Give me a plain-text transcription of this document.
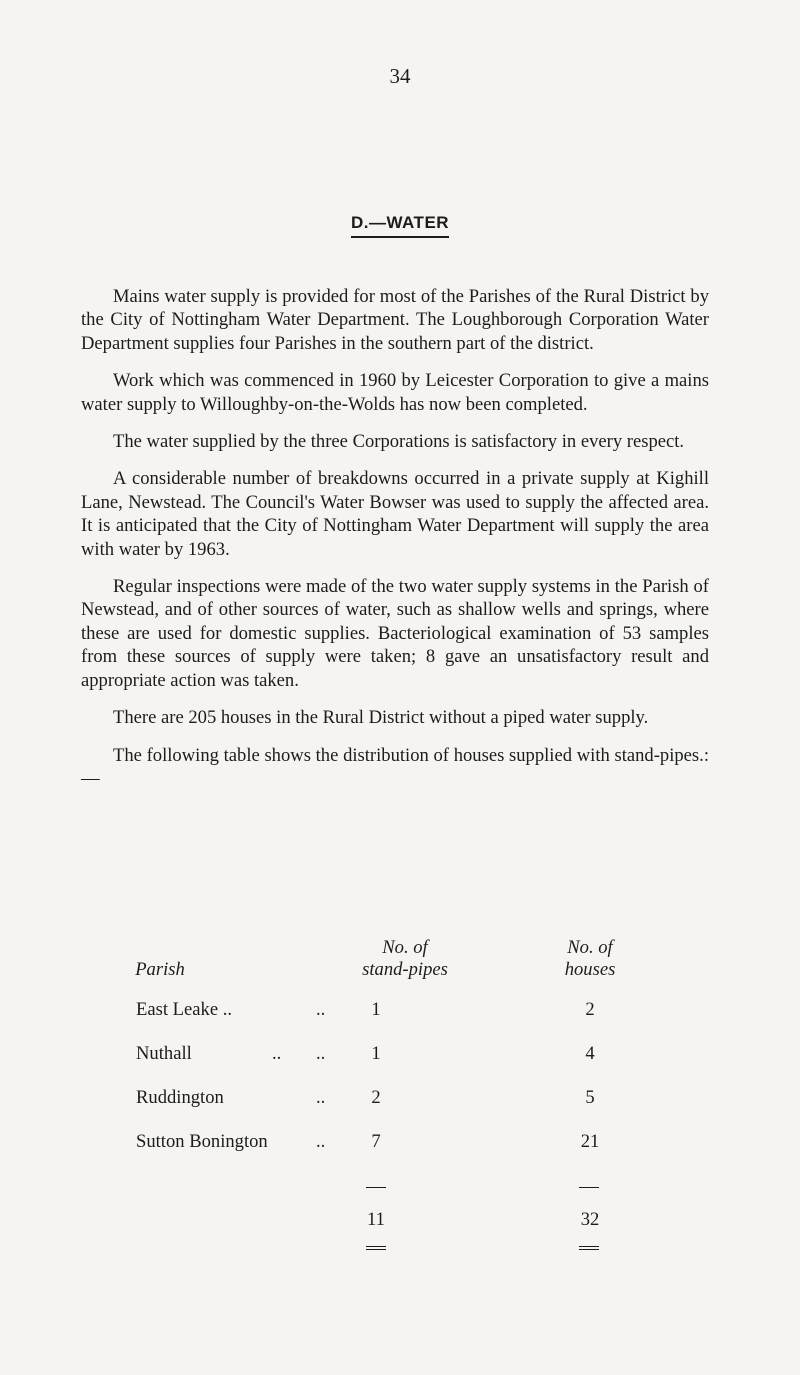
34
D.—WATER

Mains water supply is provided for most of the Parishes of the Rural District by the City of Nottingham Water Department. The Loughborough Corporation Water Department supplies four Parishes in the southern part of the district.

Work which was commenced in 1960 by Leicester Corporation to give a mains water supply to Willoughby-on-the-Wolds has now been completed.

The water supplied by the three Corporations is satisfactory in every respect.

A considerable number of breakdowns occurred in a private supply at Kighill Lane, Newstead. The Council's Water Bowser was used to supply the affected area. It is anticipated that the City of Nottingham Water Department will supply the area with water by 1963.

Regular inspections were made of the two water supply systems in the Parish of Newstead, and of other sources of water, such as shallow wells and springs, where these are used for domestic supplies. Bacteriological examination of 53 samples from these sources of supply were taken; 8 gave an unsatisfactory result and appropriate action was taken.

There are 205 houses in the Rural District without a piped water supply.

The following table shows the distribution of houses supplied with stand-pipes.:—

Parish
No. of
stand-pipes
No. of
houses
East Leake ..	..	1	2
Nuthall	.. ..	1	4
Ruddington	..	2	5
Sutton Bonington	..	7	21
11	32
